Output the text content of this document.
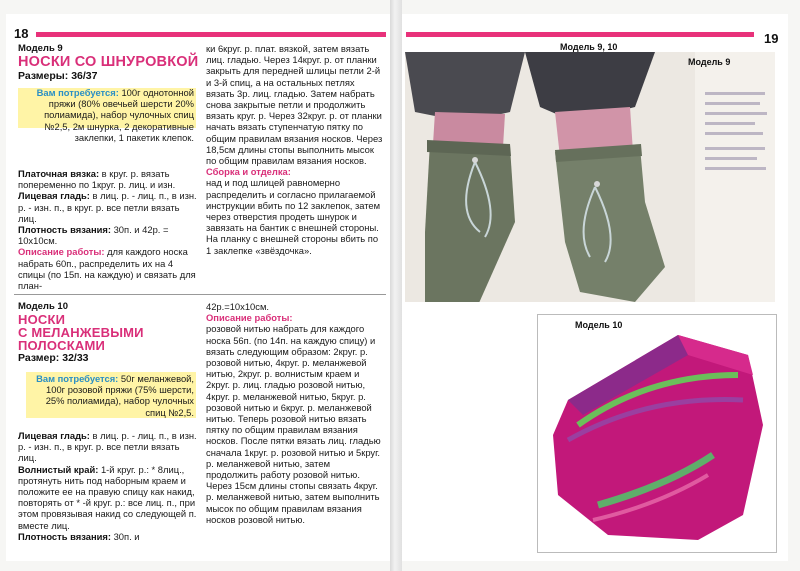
18
Модель 9
НОСКИ СО ШНУРОВКОЙ
Размеры: 36/37
Вам потребуется: 100г однотонной пряжи (80% овечьей шерсти 20% полиамида), набор чулочных спиц №2,5, 2м шнурка, 2 декоративные заклепки, 1 пакетик клепок.

Платочная вязка: в круг. р. вязать попеременно по 1круг. р. лиц. и изн.

Лицевая гладь: в лиц. р. - лиц. п., в изн. р. - изн. п., в круг. р. все петли вязать лиц.

Плотность вязания: 30п. и 42р. = 10x10см.

Описание работы: для каждого носка набрать 60п., распределить их на 4 спицы (по 15п. на каждую) и связать для план-

ки 6круг. р. плат. вязкой, затем вязать лиц. гладью. Через 14круг. р. от планки закрыть для передней шлицы петли 2-й и 3-й спиц, а на остальных петлях вязать 3р. лиц. гладью. Затем набрать снова закрытые петли и продолжить вязать круг. р. Через 32круг. р. от планки начать вязать ступенчатую пятку по общим правилам вязания носков. Через 18,5см длины стопы выполнить мысок по общим правилам вязания носков.

Сборка и отделка:

над и под шлицей равномерно распределить и согласно прилагаемой инструкции вбить по 12 заклепок, затем через отверстия продеть шнурок и завязать на бантик с внешней стороны. На планку с внешней стороны вбить по 1 заклепке «звёздочка».

Модель 10
НОСКИ
С МЕЛАНЖЕВЫМИ
ПОЛОСКАМИ
Размер: 32/33
Вам потребуется: 50г меланжевой, 100г розовой пряжи (75% шерсти, 25% полиамида), набор чулочных спиц №2,5.

Лицевая гладь: в лиц. р. - лиц. п., в изн. р. - изн. п., в круг. р. все петли вязать лиц.

Волнистый край: 1-й круг. р.: * 8лиц., протянуть нить под наборным краем и положите ее на правую спицу как накид, повторять от * -й круг. р.: все лиц. п., при этом провязывая накид со следующей п. вместе лиц.

Плотность вязания: 30п. и

42р.=10x10см.

Описание работы:

розовой нитью набрать для каждого носка 56п. (по 14п. на каждую спицу) и вязать следующим образом: 2круг. р. розовой нитью, 4круг. р. меланжевой нитью, 2круг. р. волнистым краем и 2круг. р. лиц. гладью розовой нитью, 4круг. р. меланжевой нитью, 5круг. р. розовой нитью и 6круг. р. меланжевой нитью. Теперь розовой нитью вязать пятку по общим правилам вязания носков. После пятки вязать лиц. гладью сначала 1круг. р. розовой нитью и 5круг. р. меланжевой нитью, затем продолжить работу розовой нитью. Через 15см длины стопы связать 4круг. р. меланжевой нитью, затем выполнить мысок по общим правилам вязания носков розовой нитью.

19
Модель 9, 10
Модель 9
Модель 10
